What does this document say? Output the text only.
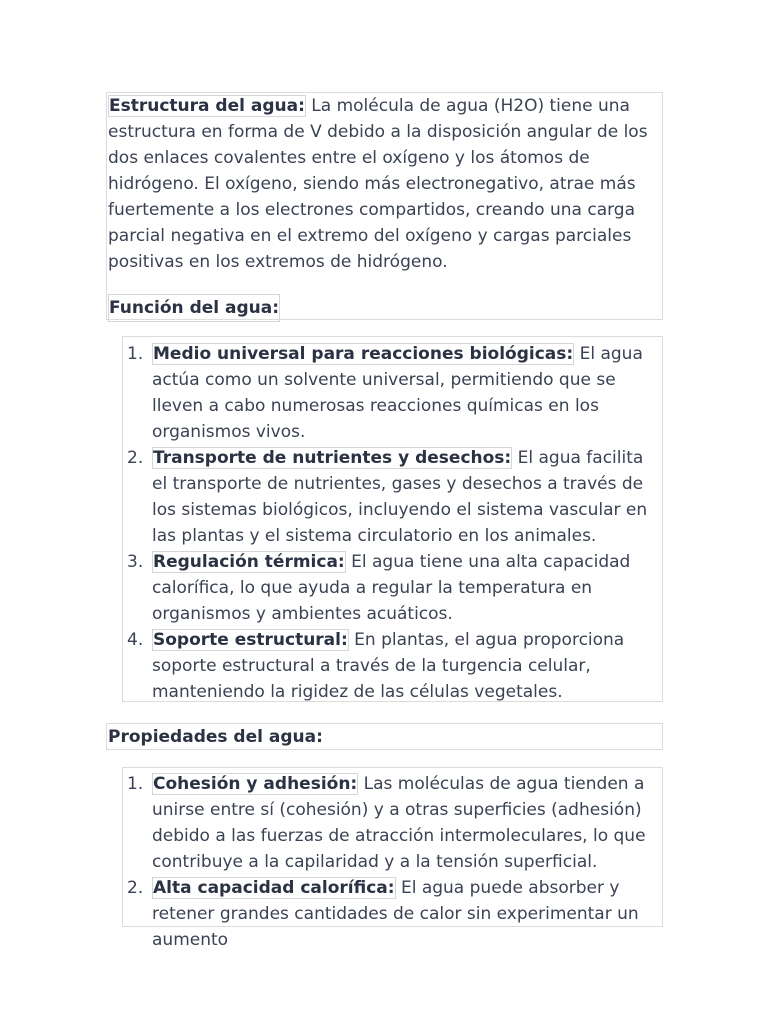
Estructura del agua: La molécula de agua (H2O) tiene una estructura en forma de V debido a la disposición angular de los dos enlaces covalentes entre el oxígeno y los átomos de hidrógeno. El oxígeno, siendo más electronegativo, atrae más fuertemente a los electrones compartidos, creando una carga parcial negativa en el extremo del oxígeno y cargas parciales positivas en los extremos de hidrógeno.

Función del agua:
1. Medio universal para reacciones biológicas: El agua actúa como un solvente universal, permitiendo que se lleven a cabo numerosas reacciones químicas en los organismos vivos.
2. Transporte de nutrientes y desechos: El agua facilita el transporte de nutrientes, gases y desechos a través de los sistemas biológicos, incluyendo el sistema vascular en las plantas y el sistema circulatorio en los animales.
3. Regulación térmica: El agua tiene una alta capacidad calorífica, lo que ayuda a regular la temperatura en organismos y ambientes acuáticos.
4. Soporte estructural: En plantas, el agua proporciona soporte estructural a través de la turgencia celular, manteniendo la rigidez de las células vegetales.
Propiedades del agua:
1. Cohesión y adhesión: Las moléculas de agua tienden a unirse entre sí (cohesión) y a otras superficies (adhesión) debido a las fuerzas de atracción intermoleculares, lo que contribuye a la capilaridad y a la tensión superficial.
2. Alta capacidad calorífica: El agua puede absorber y retener grandes cantidades de calor sin experimentar un aumento
